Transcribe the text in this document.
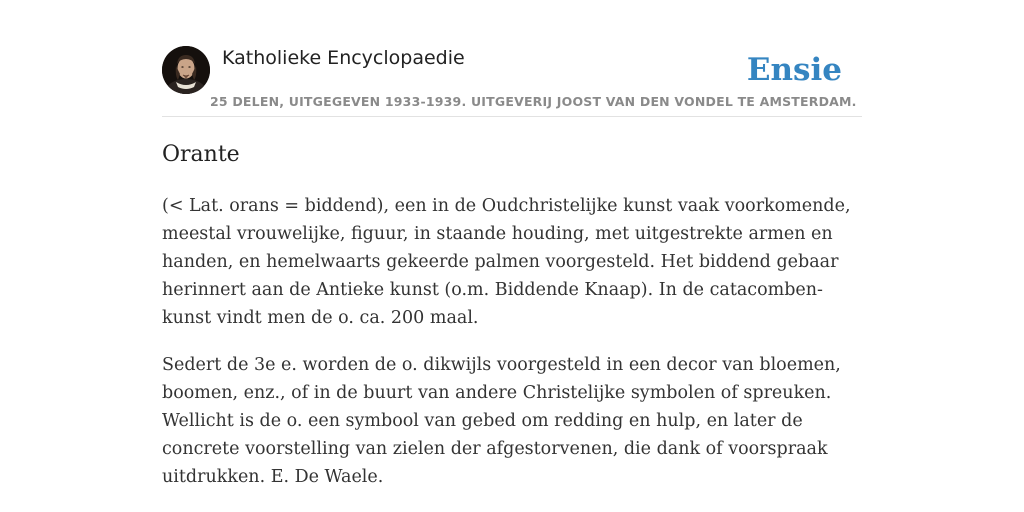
Katholieke Encyclopaedie
25 DELEN, UITGEGEVEN 1933-1939. UITGEVERIJ JOOST VAN DEN VONDEL TE AMSTERDAM.
Ensie
Orante

(< Lat. orans = biddend), een in de Oudchristelijke kunst vaak voorkomende, meestal vrouwelijke, figuur, in staande houding, met uitgestrekte armen en handen, en hemelwaarts gekeerde palmen voorgesteld. Het biddend gebaar herinnert aan de Antieke kunst (o.m. Biddende Knaap). In de catacomben-kunst vindt men de o. ca. 200 maal.

Sedert de 3e e. worden de o. dikwijls voorgesteld in een decor van bloemen, boomen, enz., of in de buurt van andere Christelijke symbolen of spreuken. Wellicht is de o. een symbool van gebed om redding en hulp, en later de concrete voorstelling van zielen der afgestorvenen, die dank of voorspraak uitdrukken. E. De Waele.
